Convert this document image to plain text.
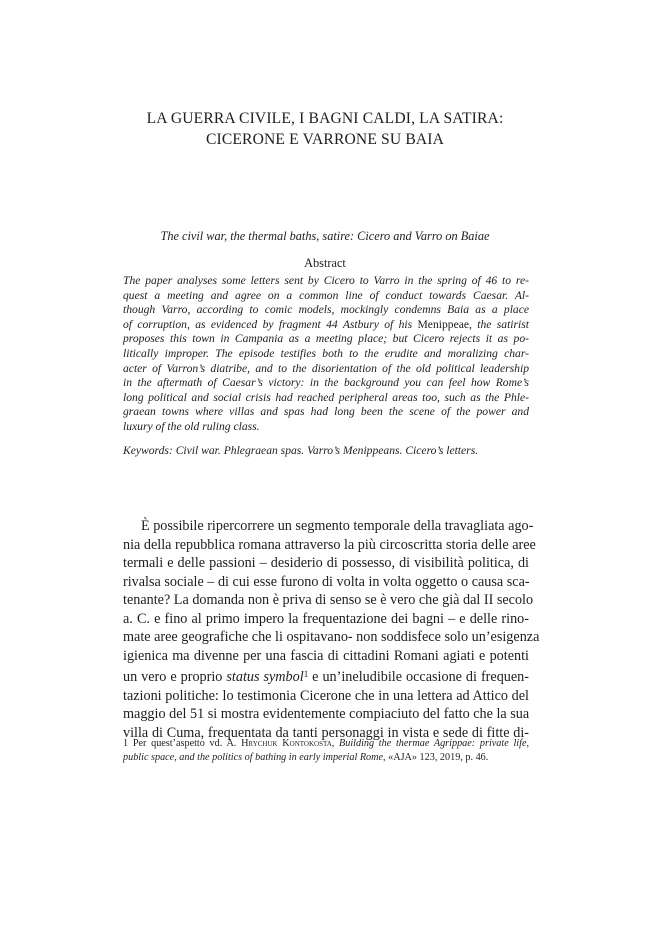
LA GUERRA CIVILE, I BAGNI CALDI, LA SATIRA:
CICERONE E VARRONE SU BAIA
The civil war, the thermal baths, satire: Cicero and Varro on Baiae
Abstract
The paper analyses some letters sent by Cicero to Varro in the spring of 46 to re-
quest a meeting and agree on a common line of conduct towards Caesar. Al-
though Varro, according to comic models, mockingly condemns Baia as a place
of corruption, as evidenced by fragment 44 Astbury of his Menippeae, the satirist
proposes this town in Campania as a meeting place; but Cicero rejects it as po-
litically improper. The episode testifies both to the erudite and moralizing char-
acter of Varron’s diatribe, and to the disorientation of the old political leadership
in the aftermath of Caesar’s victory: in the background you can feel how Rome’s
long political and social crisis had reached peripheral areas too, such as the Phle-
graean towns where villas and spas had long been the scene of the power and
luxury of the old ruling class.
Keywords: Civil war. Phlegraean spas. Varro’s Menippeans. Cicero’s letters.
È possibile ripercorrere un segmento temporale della travagliata ago-
nia della repubblica romana attraverso la più circoscritta storia delle aree
termali e delle passioni – desiderio di possesso, di visibilità politica, di
rivalsa sociale – di cui esse furono di volta in volta oggetto o causa sca-
tenante? La domanda non è priva di senso se è vero che già dal II secolo
a. C. e fino al primo impero la frequentazione dei bagni – e delle rino-
mate aree geografiche che li ospitavano- non soddisfece solo un’esigenza
igienica ma divenne per una fascia di cittadini Romani agiati e potenti
un vero e proprio status symbol$^1$ e un’ineludibile occasione di frequen-
tazioni politiche: lo testimonia Cicerone che in una lettera ad Attico del
maggio del 51 si mostra evidentemente compiaciuto del fatto che la sua
villa di Cuma, frequentata da tanti personaggi in vista e sede di fitte di-
1 Per quest’aspetto vd. A. Hrychuk Kontokosta, Building the thermae Agrippae: private life,
public space, and the politics of bathing in early imperial Rome, «AJA» 123, 2019, p. 46.
